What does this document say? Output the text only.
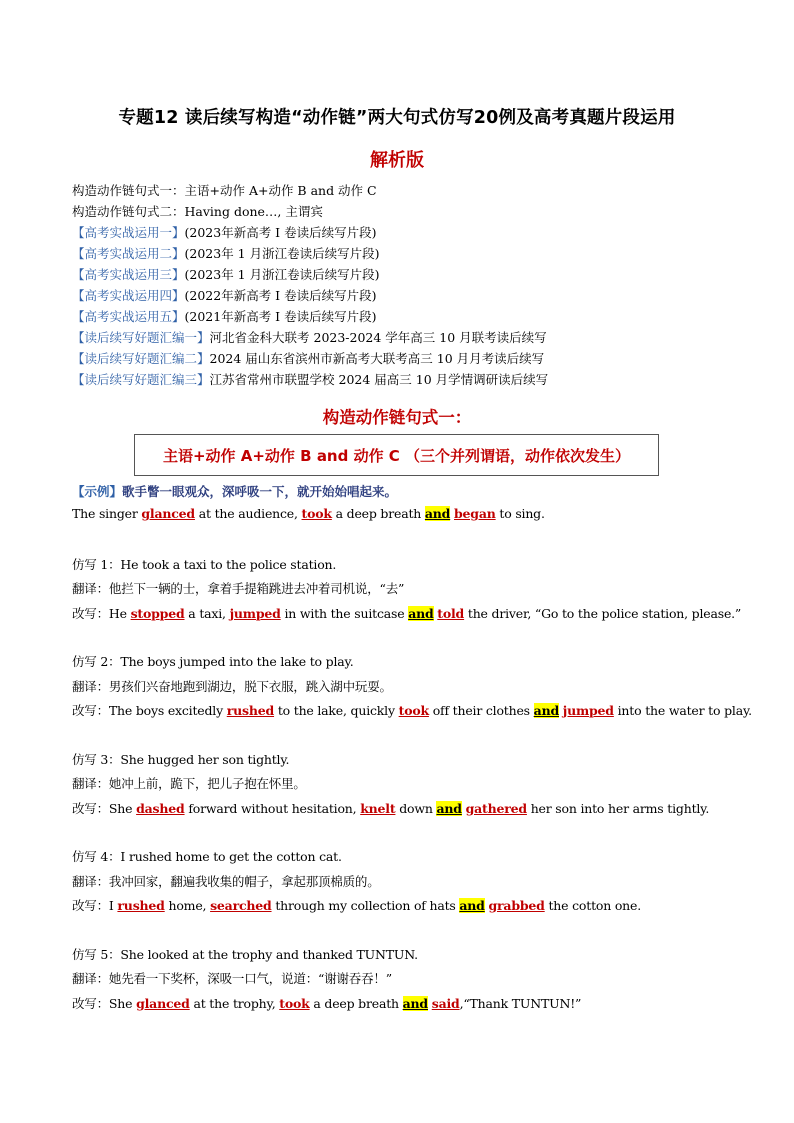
专题12 读后续写构造“动作链”两大句式仿写20例及高考真题片段运用
解析版
构造动作链句式一：主语+动作 A+动作 B and 动作 C
构造动作链句式二：Having done…, 主谓宾
【高考实战运用一】(2023年新高考 I 卷读后续写片段)
【高考实战运用二】(2023年 1 月浙江卷读后续写片段)
【高考实战运用三】(2023年 1 月浙江卷读后续写片段)
【高考实战运用四】(2022年新高考 I 卷读后续写片段)
【高考实战运用五】(2021年新高考 I 卷读后续写片段)
【读后续写好题汇编一】河北省金科大联考 2023-2024 学年高三 10 月联考读后续写
【读后续写好题汇编二】2024 届山东省滨州市新高考大联考高三 10 月月考读后续写
【读后续写好题汇编三】江苏省常州市联盟学校 2024 届高三 10 月学情调研读后续写
构造动作链句式一：
主语+动作 A+动作 B and 动作 C （三个并列谓语，动作依次发生）
【示例】歌手瞥一眼观众，深呼吸一下，就开始始唱起来。
The singer glanced at the audience, took a deep breath and began to sing.
仿写 1：He took a taxi to the police station.
翻译：他拦下一辆的士，拿着手提箱跳进去冲着司机说，“去”
改写：He stopped a taxi, jumped in with the suitcase and told the driver, “Go to the police station, please.”
仿写 2：The boys jumped into the lake to play.
翻译：男孩们兴奋地跑到湖边，脱下衣服，跳入湖中玩耍。
改写：The boys excitedly rushed to the lake, quickly took off their clothes and jumped into the water to play.
仿写 3：She hugged her son tightly.
翻译：她冲上前，跪下，把儿子抱在怀里。
改写：She dashed forward without hesitation, knelt down and gathered her son into her arms tightly.
仿写 4：I rushed home to get the cotton cat.
翻译：我冲回家，翻遍我收集的帽子，拿起那顶棉质的。
改写：I rushed home, searched through my collection of hats and grabbed the cotton one.
仿写 5：She looked at the trophy and thanked TUNTUN.
翻译：她先看一下奖杯，深吸一口气，说道：“谢谢吞吞！”
改写：She glanced at the trophy, took a deep breath and said,“Thank TUNTUN!”
